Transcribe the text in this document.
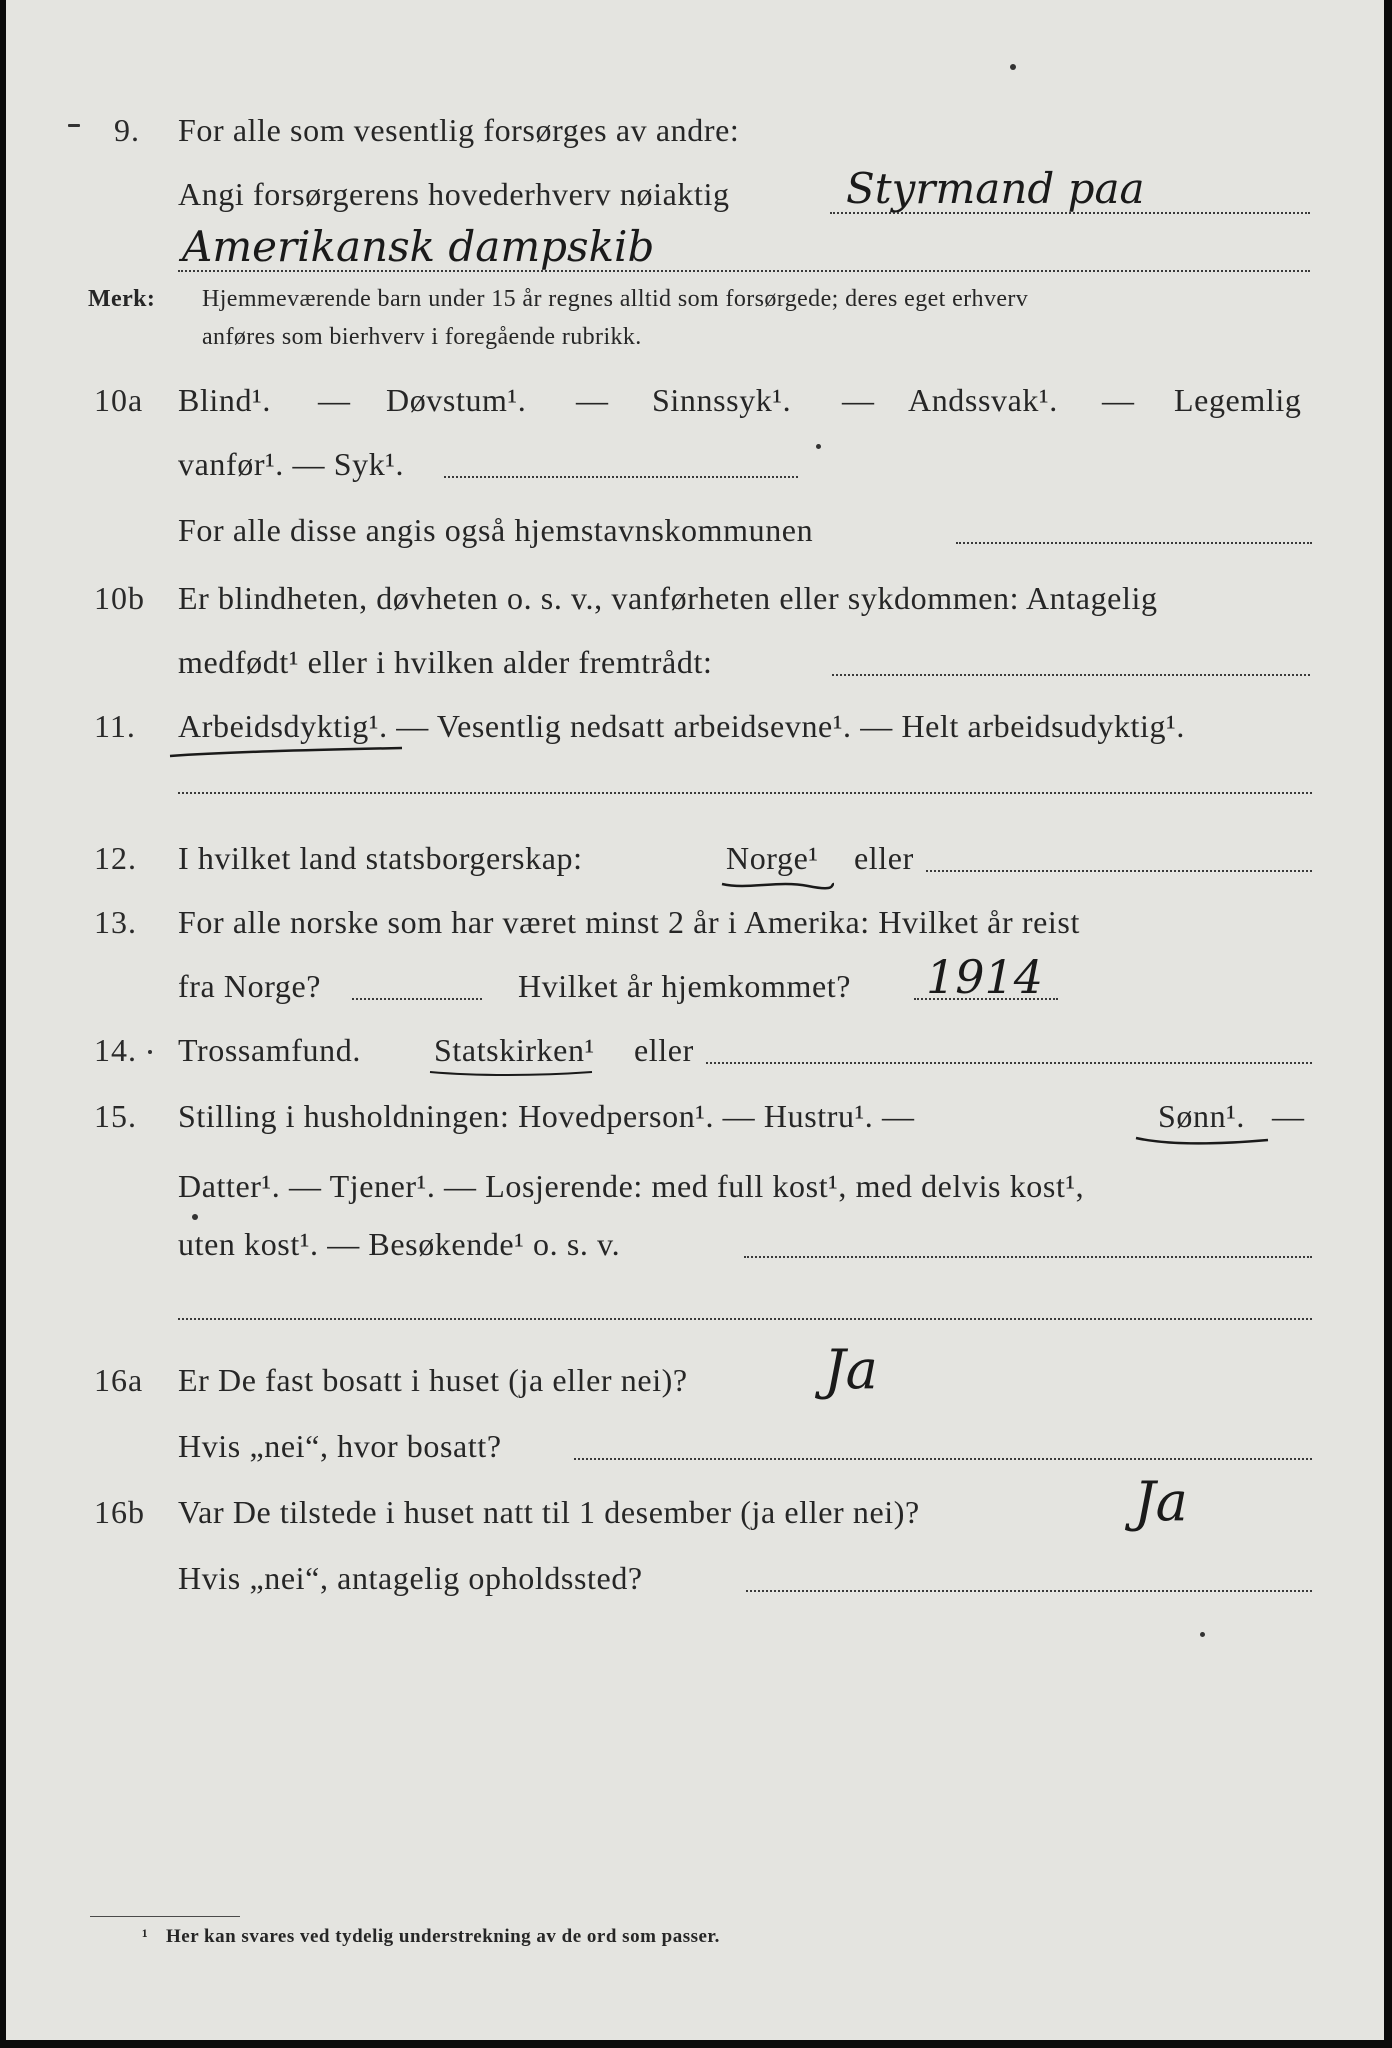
9. For alle som vesentlig forsørges av andre:
Angi forsørgerens hovederhverv nøiaktig	Styrmand paa
Amerikansk dampskib
Merk: Hjemmeværende barn under 15 år regnes alltid som forsørgede; deres eget erhverv
anføres som bierhverv i foregående rubrikk.
10a Blind¹. — Døvstum¹. — Sinnssyk¹. — Andssvak¹. — Legemlig
vanfør¹. — Syk¹.
For alle disse angis også hjemstavnskommunen
10b Er blindheten, døvheten o. s. v., vanførheten eller sykdommen: Antagelig
medfødt¹ eller i hvilken alder fremtrådt:
11. Arbeidsdyktig¹. — Vesentlig nedsatt arbeidsevne¹. — Helt arbeidsudyktig¹.
12. I hvilket land statsborgerskap:	Norge¹ eller
13. For alle norske som har været minst 2 år i Amerika: Hvilket år reist
fra Norge?	Hvilket år hjemkommet? 1914
14. Trossamfund. Statskirken¹ eller
15. Stilling i husholdningen: Hovedperson¹. — Hustru¹. —	Sønn¹. —
Datter¹. — Tjener¹. — Losjerende: med full kost¹, med delvis kost¹,
uten kost¹. — Besøkende¹ o. s. v.
16a Er De fast bosatt i huset (ja eller nei)?	Ja
Hvis „nei“, hvor bosatt?
16b Var De tilstede i huset natt til 1 desember (ja eller nei)?	Ja
Hvis „nei“, antagelig opholdssted?
¹ Her kan svares ved tydelig understrekning av de ord som passer.
